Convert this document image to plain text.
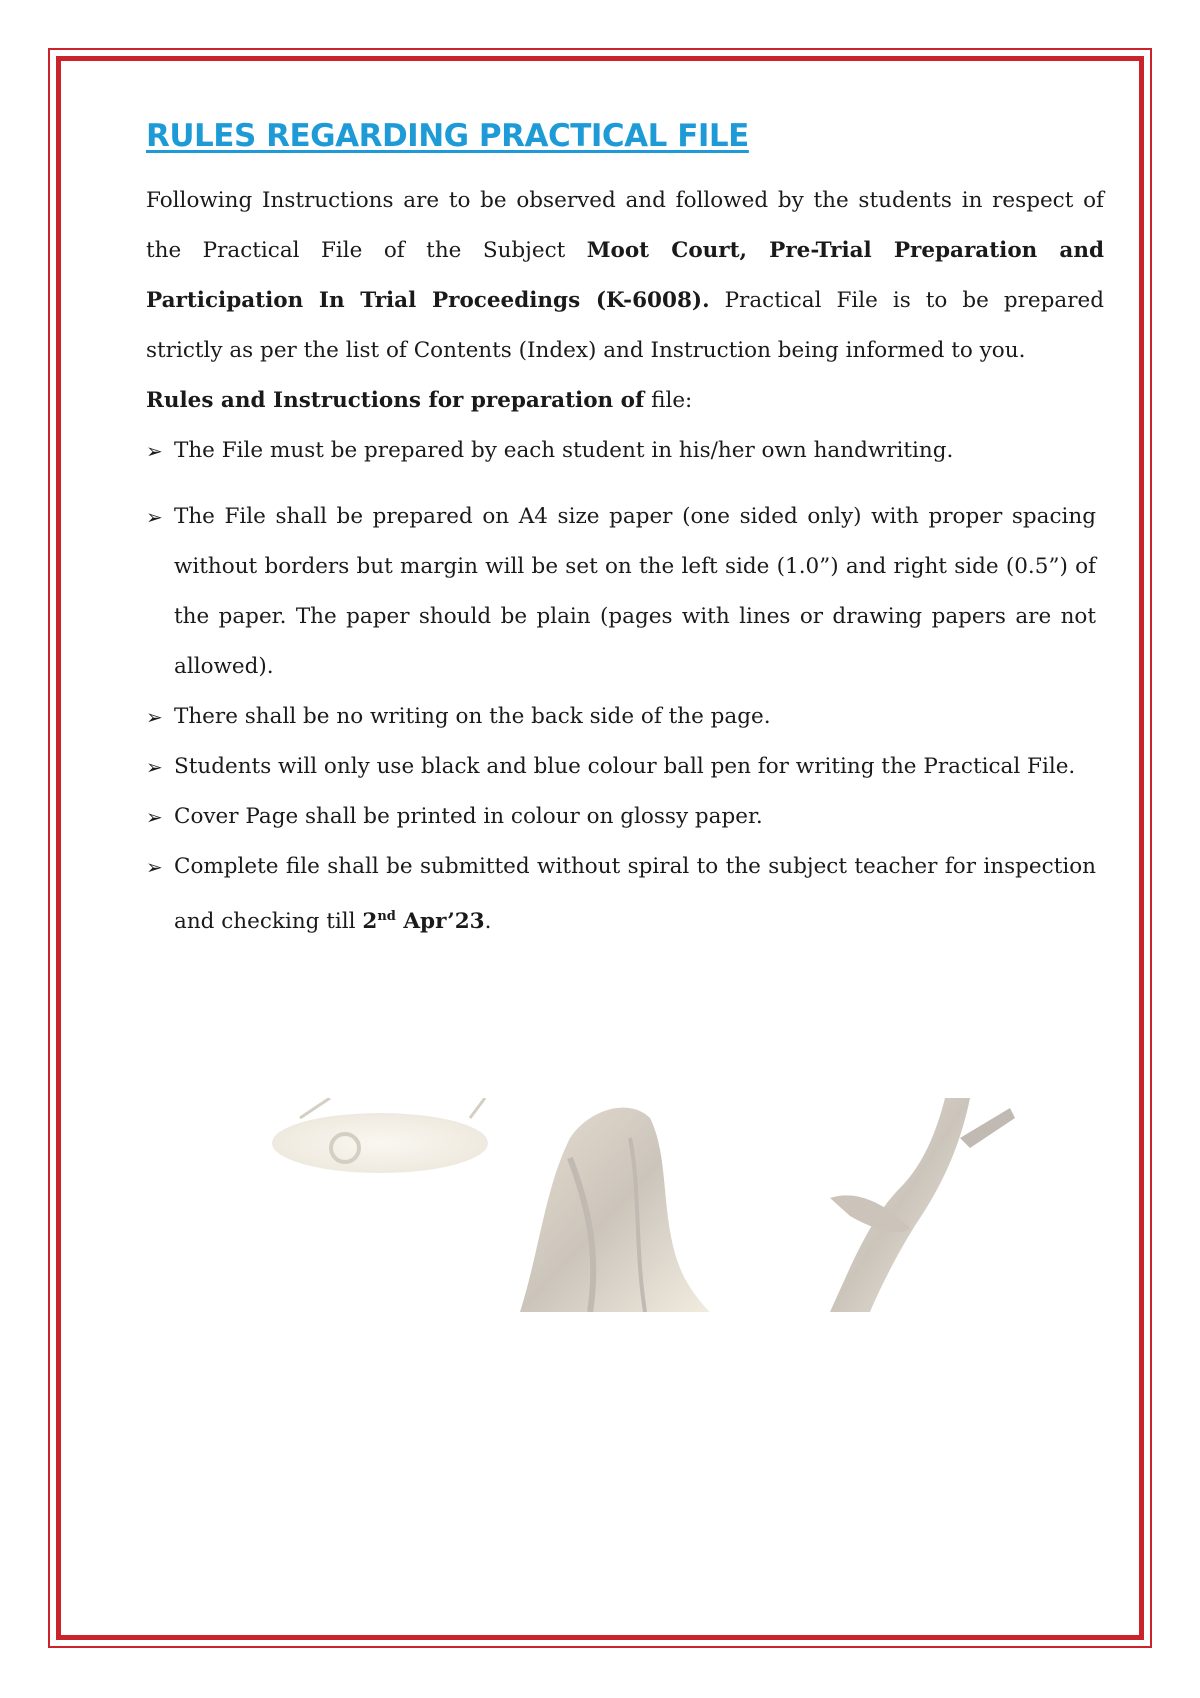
RULES REGARDING PRACTICAL FILE

Following Instructions are to be observed and followed by the students in respect of the Practical File of the Subject Moot Court, Pre-Trial Preparation and Participation In Trial Proceedings (K-6008). Practical File is to be prepared strictly as per the list of Contents (Index) and Instruction being informed to you.

Rules and Instructions for preparation of file:

➢ The File must be prepared by each student in his/her own handwriting.
➢ The File shall be prepared on A4 size paper (one sided only) with proper spacing without borders but margin will be set on the left side (1.0”) and right side (0.5”) of the paper. The paper should be plain (pages with lines or drawing papers are not allowed).
➢ There shall be no writing on the back side of the page.
➢ Students will only use black and blue colour ball pen for writing the Practical File.
➢ Cover Page shall be printed in colour on glossy paper.
➢ Complete file shall be submitted without spiral to the subject teacher for inspection and checking till 2nd Apr’23.
